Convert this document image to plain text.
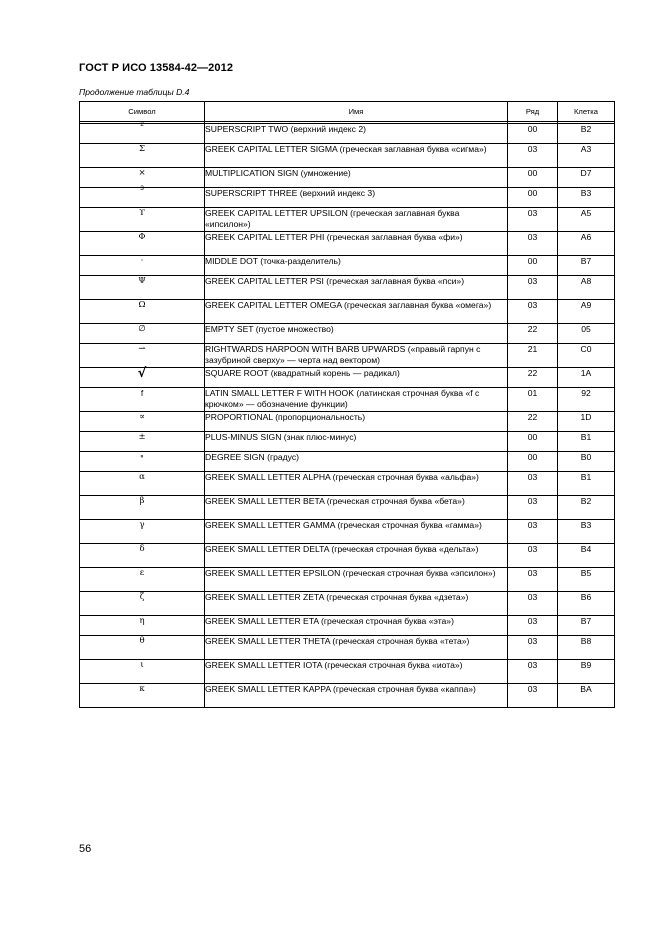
ГОСТ Р ИСО 13584-42—2012
Продолжение таблицы D.4
Символ	Имя	Ряд	Клетка

$^2$	SUPERSCRIPT TWO (верхний индекс 2)	00	B2
Σ	GREEK CAPITAL LETTER SIGMA (греческая заглавная буква «сигма»)	03	A3
×	MULTIPLICATION SIGN (умножение)	00	D7
$^3$	SUPERSCRIPT THREE (верхний индекс 3)	00	B3
ϒ	GREEK CAPITAL LETTER UPSILON (греческая заглавная буква «ипсилон»)	03	A5
Φ	GREEK CAPITAL LETTER PHI (греческая заглавная буква «фи»)	03	A6
·	MIDDLE DOT (точка-разделитель)	00	B7
Ψ	GREEK CAPITAL LETTER PSI (греческая заглавная буква «пси»)	03	A8
Ω	GREEK CAPITAL LETTER OMEGA (греческая заглавная буква «омега»)	03	A9
∅	EMPTY SET (пустое множество)	22	05
⇀	RIGHTWARDS HARPOON WITH BARB UPWARDS («правый гарпун с зазубриной сверху» — черта над вектором)	21	C0
√	SQUARE ROOT (квадратный корень — радикал)	22	1A
f	LATIN SMALL LETTER F WITH HOOK (латинская строчная буква «f с крючком» — обозначение функции)	01	92
∝	PROPORTIONAL (пропорциональность)	22	1D
±	PLUS-MINUS SIGN (знак плюс-минус)	00	B1
∘	DEGREE SIGN (градус)	00	B0
α	GREEK SMALL LETTER ALPHA (греческая строчная буква «альфа»)	03	B1
β	GREEK SMALL LETTER BETA (греческая строчная буква «бета»)	03	B2
γ	GREEK SMALL LETTER GAMMA (греческая строчная буква «гамма»)	03	B3
δ	GREEK SMALL LETTER DELTA (греческая строчная буква «дельта»)	03	B4
ε	GREEK SMALL LETTER EPSILON (греческая строчная буква «эпсилон»)	03	B5
ζ	GREEK SMALL LETTER ZETA (греческая строчная буква «дзета»)	03	B6
η	GREEK SMALL LETTER ETA (греческая строчная буква «эта»)	03	B7
θ	GREEK SMALL LETTER THETA (греческая строчная буква «тета»)	03	B8
ι	GREEK SMALL LETTER IOTA (греческая строчная буква «иота»)	03	B9
κ	GREEK SMALL LETTER KAPPA (греческая строчная буква «каппа»)	03	BA
56
